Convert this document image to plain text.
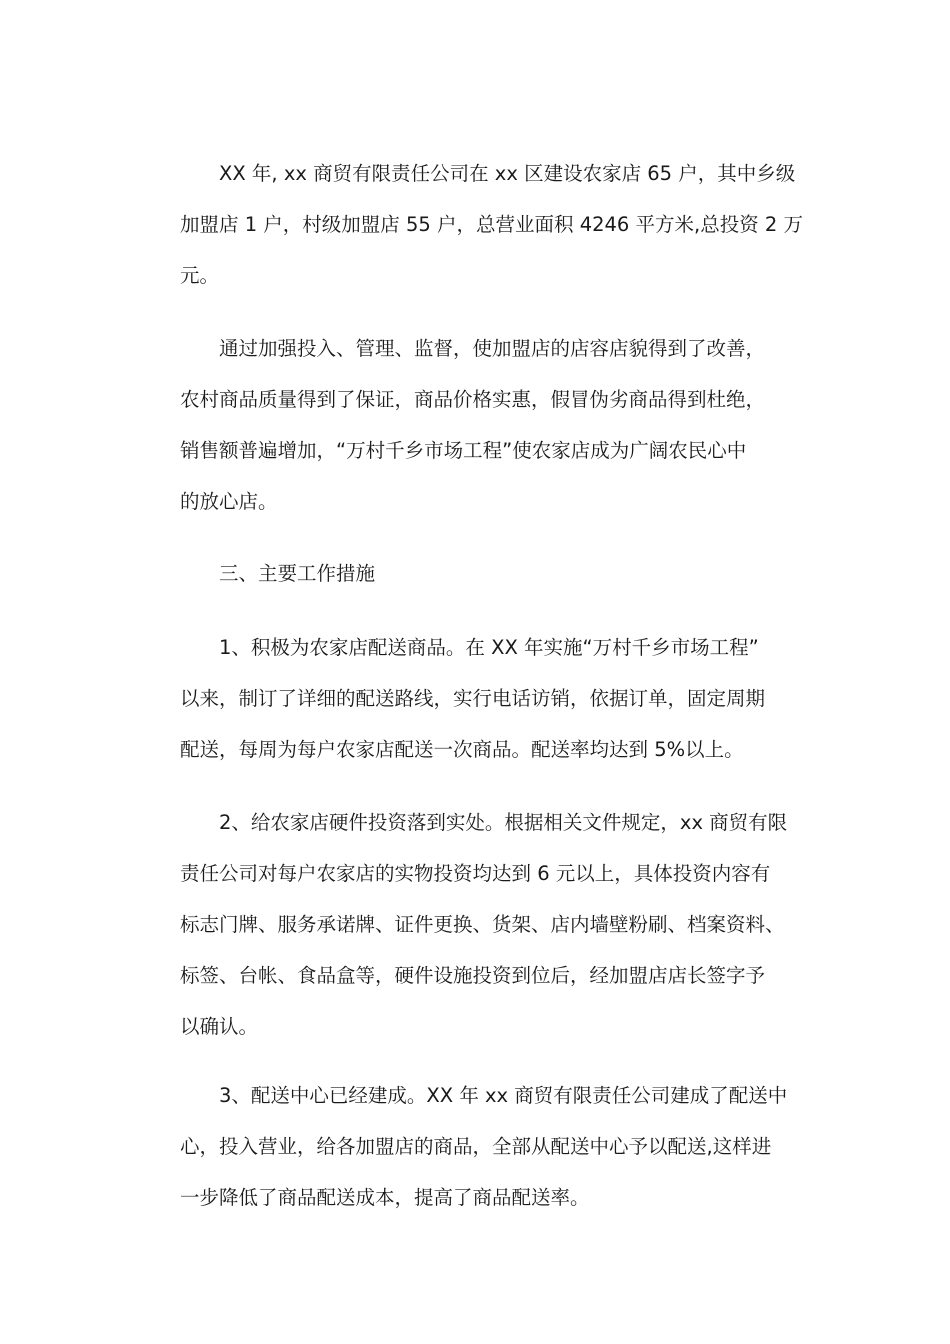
XX 年, xx 商贸有限责任公司在 xx 区建设农家店 65 户，其中乡级
加盟店 1 户，村级加盟店 55 户，总营业面积 4246 平方米,总投资 2 万
元。
通过加强投入、管理、监督，使加盟店的店容店貌得到了改善，
农村商品质量得到了保证，商品价格实惠，假冒伪劣商品得到杜绝，
销售额普遍增加，“万村千乡市场工程”使农家店成为广阔农民心中
的放心店。
三、主要工作措施
1、积极为农家店配送商品。在 XX 年实施“万村千乡市场工程”
以来，制订了详细的配送路线，实行电话访销，依据订单，固定周期
配送，每周为每户农家店配送一次商品。配送率均达到 5%以上。
2、给农家店硬件投资落到实处。根据相关文件规定，xx 商贸有限
责任公司对每户农家店的实物投资均达到 6 元以上，具体投资内容有
标志门牌、服务承诺牌、证件更换、货架、店内墙壁粉刷、档案资料、
标签、台帐、食品盒等，硬件设施投资到位后，经加盟店店长签字予
以确认。
3、配送中心已经建成。XX 年 xx 商贸有限责任公司建成了配送中
心，投入营业，给各加盟店的商品，全部从配送中心予以配送,这样进
一步降低了商品配送成本，提高了商品配送率。
